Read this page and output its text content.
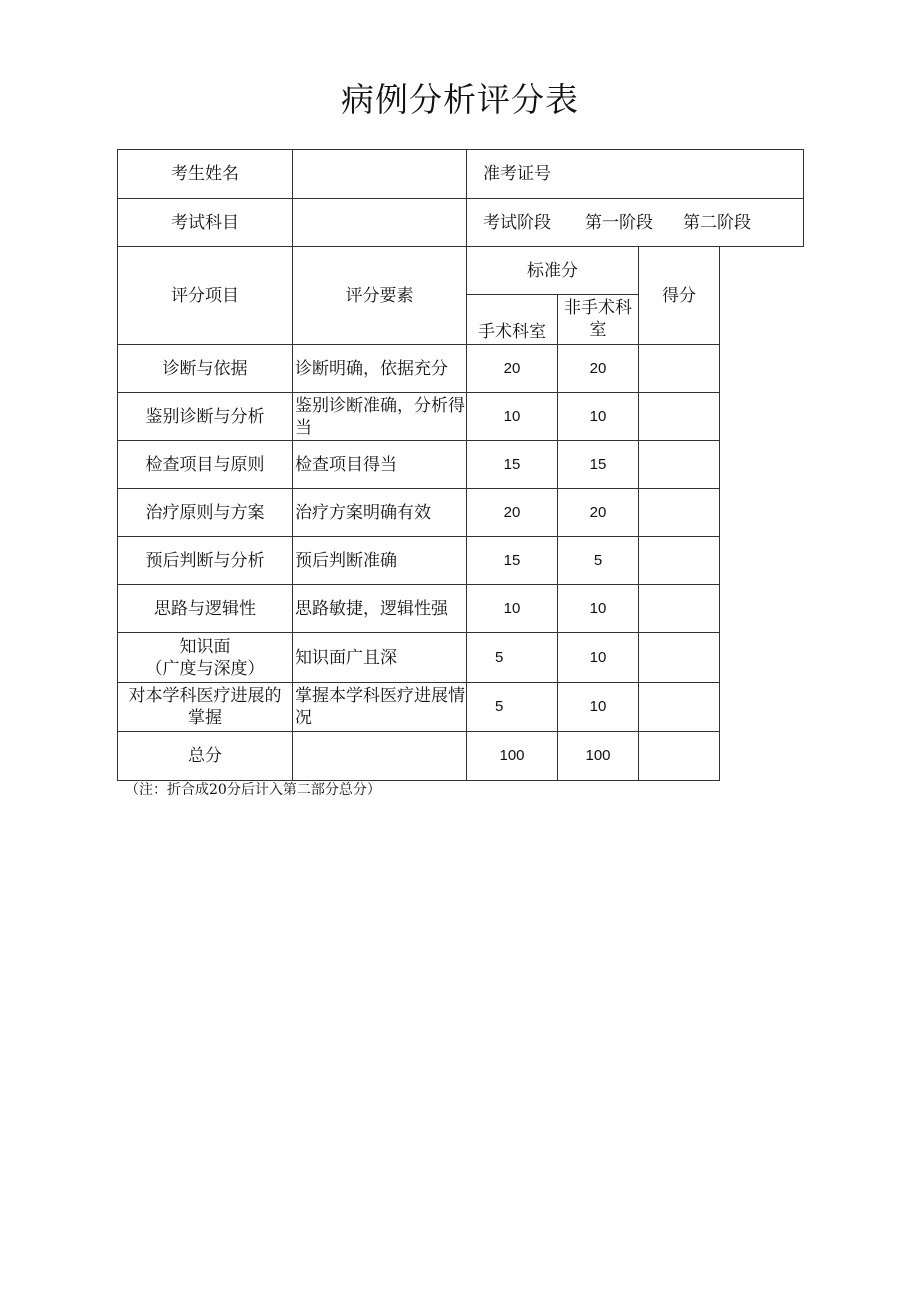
病例分析评分表
考生姓名		准考证号		
考试科目		考试阶段 第一阶段 第二阶段		
评分项目	评分要素	标准分		得分
		手术科室	非手术科室	
诊断与依据	诊断明确，依据充分	20	20	
鉴别诊断与分析	鉴别诊断准确，分析得当	10	10	
检查项目与原则	检查项目得当	15	15	
治疗原则与方案	治疗方案明确有效	20	20	
预后判断与分析	预后判断准确	15	5	
思路与逻辑性	思路敏捷，逻辑性强	10	10	

知识面
（广度与深度）	知识面广且深	5	10	

对本学科医疗进展的
掌握	掌握本学科医疗进展情况	5	10	
总分		100	100	
（注：折合成20分后计入第二部分总分）
